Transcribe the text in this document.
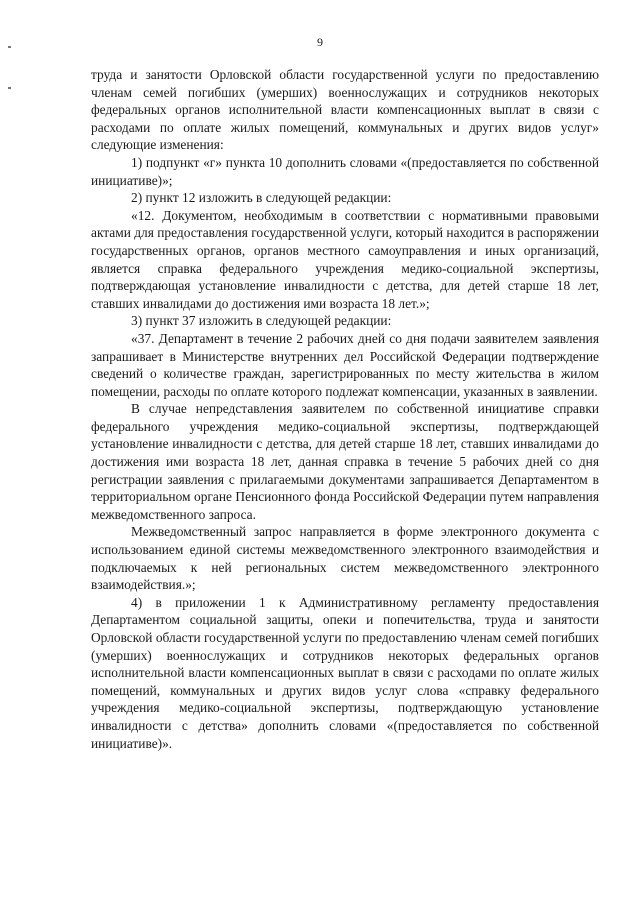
9

труда и занятости Орловской области государственной услуги по предоставлению членам семей погибших (умерших) военнослужащих и сотрудников некоторых федеральных органов исполнительной власти компенсационных выплат в связи с расходами по оплате жилых помещений, коммунальных и других видов услуг» следующие изменения:

1) подпункт «г» пункта 10 дополнить словами «(предоставляется по собственной инициативе)»;

2) пункт 12 изложить в следующей редакции:

«12. Документом, необходимым в соответствии с нормативными правовыми актами для предоставления государственной услуги, который находится в распоряжении государственных органов, органов местного самоуправления и иных организаций, является справка федерального учреждения медико-социальной экспертизы, подтверждающая установление инвалидности с детства, для детей старше 18 лет, ставших инвалидами до достижения ими возраста 18 лет.»;

3) пункт 37 изложить в следующей редакции:

«37. Департамент в течение 2 рабочих дней со дня подачи заявителем заявления запрашивает в Министерстве внутренних дел Российской Федерации подтверждение сведений о количестве граждан, зарегистрированных по месту жительства в жилом помещении, расходы по оплате которого подлежат компенсации, указанных в заявлении.

В случае непредставления заявителем по собственной инициативе справки федерального учреждения медико-социальной экспертизы, подтверждающей установление инвалидности с детства, для детей старше 18 лет, ставших инвалидами до достижения ими возраста 18 лет, данная справка в течение 5 рабочих дней со дня регистрации заявления с прилагаемыми документами запрашивается Департаментом в территориальном органе Пенсионного фонда Российской Федерации путем направления межведомственного запроса.

Межведомственный запрос направляется в форме электронного документа с использованием единой системы межведомственного электронного взаимодействия и подключаемых к ней региональных систем межведомственного электронного взаимодействия.»;

4) в приложении 1 к Административному регламенту предоставления Департаментом социальной защиты, опеки и попечительства, труда и занятости Орловской области государственной услуги по предоставлению членам семей погибших (умерших) военнослужащих и сотрудников некоторых федеральных органов исполнительной власти компенсационных выплат в связи с расходами по оплате жилых помещений, коммунальных и других видов услуг слова «справку федерального учреждения медико-социальной экспертизы, подтверждающую установление инвалидности с детства» дополнить словами «(предоставляется по собственной инициативе)».
